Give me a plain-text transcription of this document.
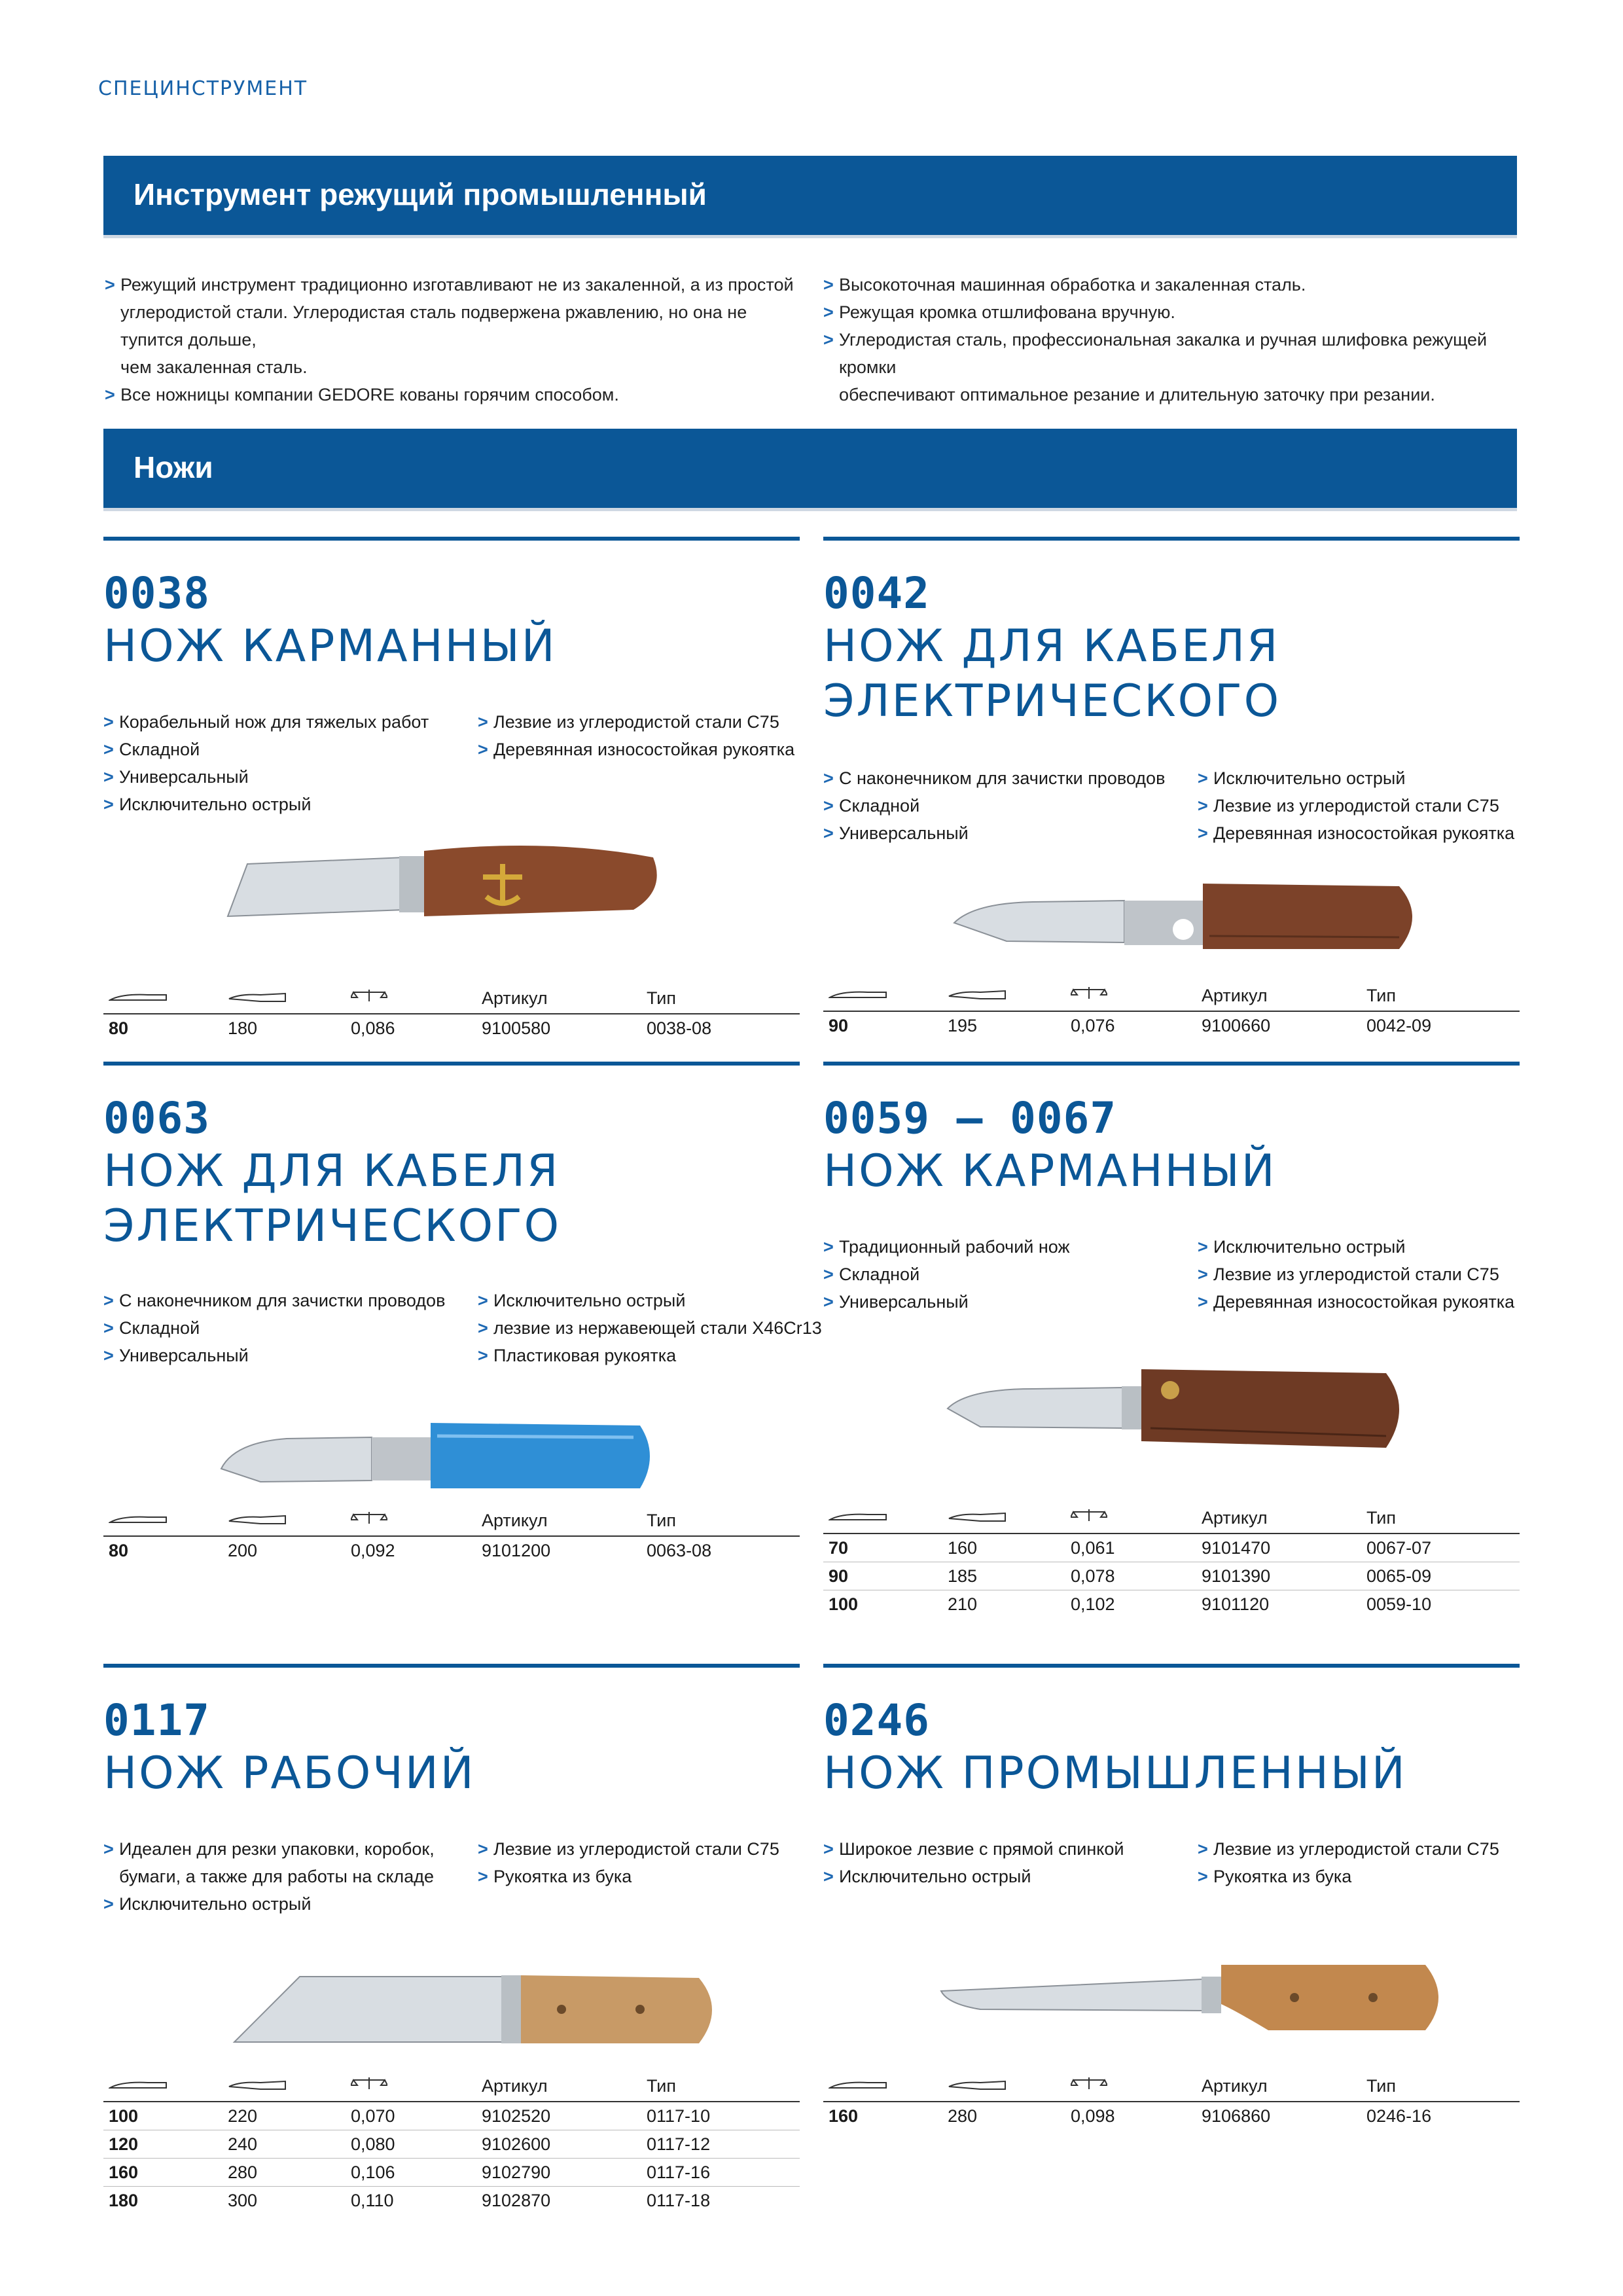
СПЕЦИНСТРУМЕНТ
Инструмент режущий промышленный
> Режущий инструмент традиционно изготавливают не из закаленной, а из простой
углеродистой стали. Углеродистая сталь подвержена ржавлению, но она не тупится дольше,
чем закаленная сталь.
> Все ножницы компании GEDORE кованы горячим способом.
> Высокоточная машинная обработка и закаленная сталь.
> Режущая кромка отшлифована вручную.
> Углеродистая сталь, профессиональная закалка и ручная шлифовка режущей кромки
обеспечивают оптимальное резание и длительную заточку при резании.
Ножи
0038
НОЖ КАРМАННЫЙ
> Корабельный нож для тяжелых работ
> Складной
> Универсальный
> Исключительно острый
> Лезвие из углеродистой стали C75
> Деревянная износостойкая рукоятка
Артикул	Тип
80	180	0,086	9100580	0038-08
0042
НОЖ ДЛЯ КАБЕЛЯ
ЭЛЕКТРИЧЕСКОГО
> С наконечником для зачистки проводов
> Складной
> Универсальный
> Исключительно острый
> Лезвие из углеродистой стали C75
> Деревянная износостойкая рукоятка
Артикул	Тип
90	195	0,076	9100660	0042-09
0063
НОЖ ДЛЯ КАБЕЛЯ
ЭЛЕКТРИЧЕСКОГО
> С наконечником для зачистки проводов
> Складной
> Универсальный
> Исключительно острый
> лезвие из нержавеющей стали X46Cr13
> Пластиковая рукоятка
Артикул	Тип
80	200	0,092	9101200	0063-08
0059 – 0067
НОЖ КАРМАННЫЙ
> Традиционный рабочий нож
> Складной
> Универсальный
> Исключительно острый
> Лезвие из углеродистой стали C75
> Деревянная износостойкая рукоятка
Артикул	Тип
70	160	0,061	9101470	0067-07
90	185	0,078	9101390	0065-09
100	210	0,102	9101120	0059-10
0117
НОЖ РАБОЧИЙ
> Идеален для резки упаковки, коробок,
бумаги, а также для работы на складе
> Исключительно острый
> Лезвие из углеродистой стали C75
> Рукоятка из бука
Артикул	Тип
100	220	0,070	9102520	0117-10
120	240	0,080	9102600	0117-12
160	280	0,106	9102790	0117-16
180	300	0,110	9102870	0117-18
0246
НОЖ ПРОМЫШЛЕННЫЙ
> Широкое лезвие с прямой спинкой
> Исключительно острый
> Лезвие из углеродистой стали C75
> Рукоятка из бука
Артикул	Тип
160	280	0,098	9106860	0246-16
